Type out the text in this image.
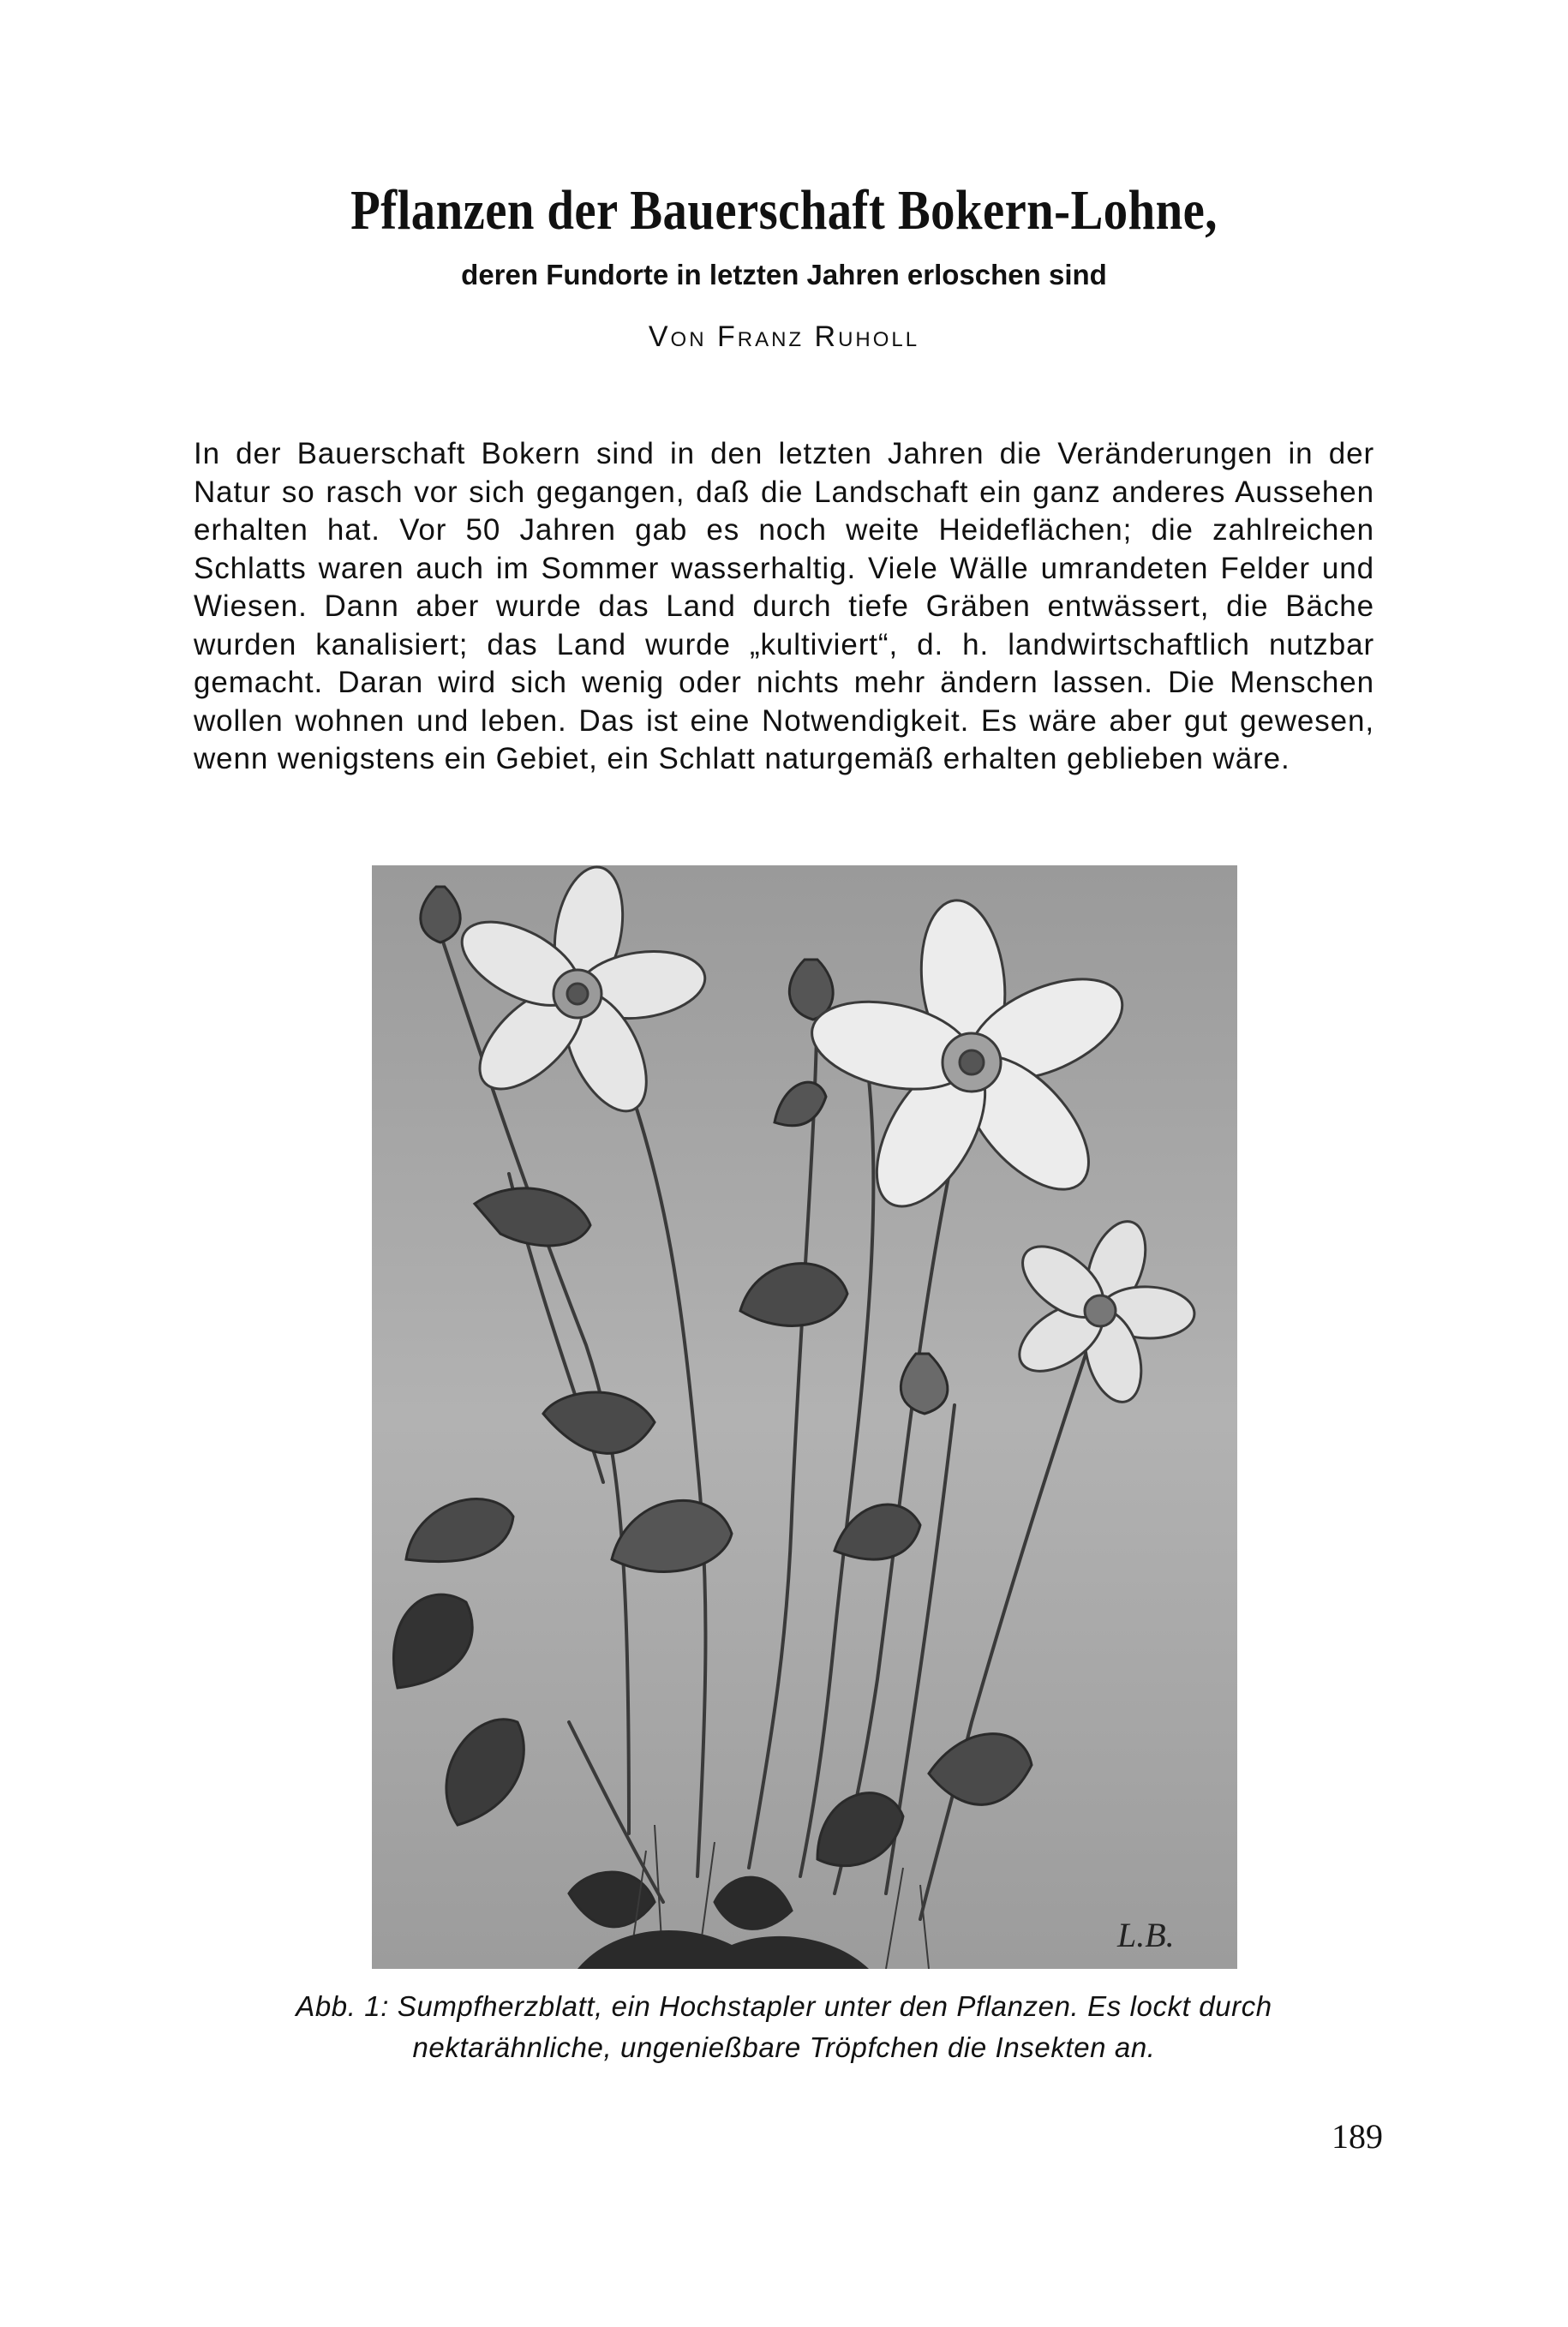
Pflanzen der Bauerschaft Bokern-Lohne,
deren Fundorte in letzten Jahren erloschen sind
Von Franz Ruholl

In der Bauerschaft Bokern sind in den letzten Jahren die Veränderungen in der Natur so rasch vor sich gegangen, daß die Landschaft ein ganz anderes Aussehen erhalten hat. Vor 50 Jahren gab es noch weite Heideflächen; die zahlreichen Schlatts waren auch im Sommer wasserhaltig. Viele Wälle umrandeten Felder und Wiesen. Dann aber wurde das Land durch tiefe Gräben entwässert, die Bäche wurden kanalisiert; das Land wurde „kultiviert“, d. h. landwirtschaftlich nutzbar gemacht. Daran wird sich wenig oder nichts mehr ändern lassen. Die Menschen wollen wohnen und leben. Das ist eine Notwendigkeit. Es wäre aber gut gewesen, wenn wenigstens ein Gebiet, ein Schlatt naturgemäß erhalten geblieben wäre.

L.B.
Abb. 1: Sumpfherzblatt, ein Hochstapler unter den Pflanzen. Es lockt durch nektarähnliche, ungenießbare Tröpfchen die Insekten an.
189
